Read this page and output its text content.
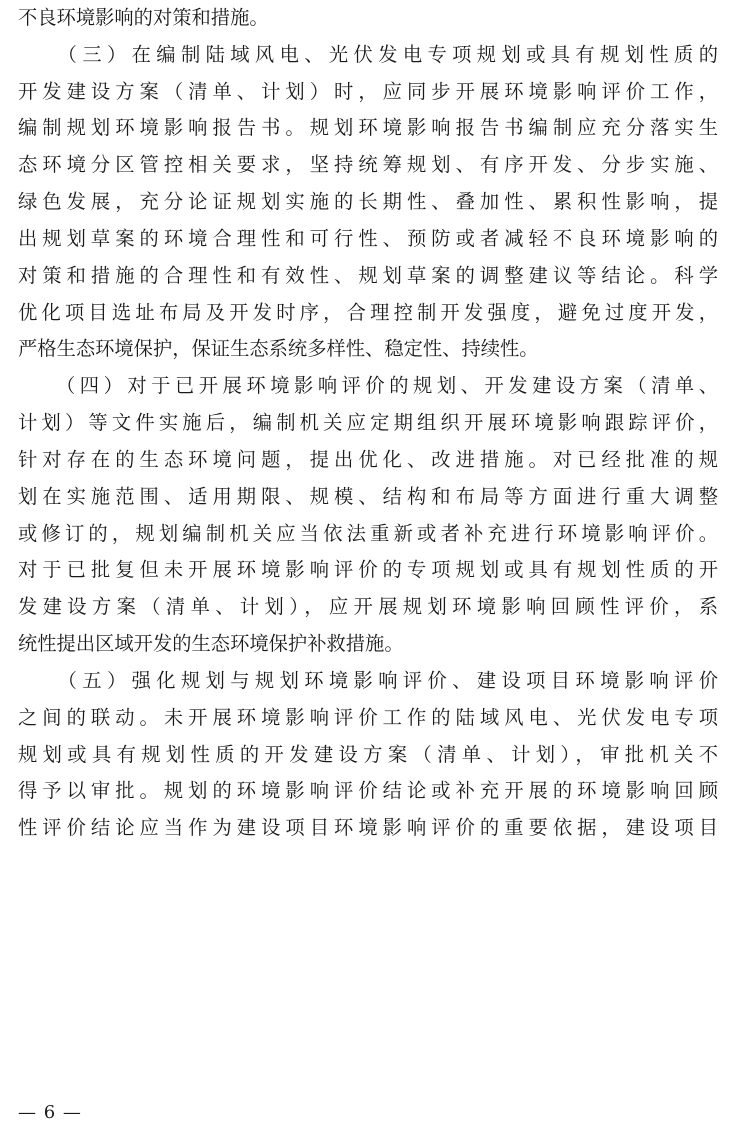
不良环境影响的对策和措施。
　　（三）在编制陆域风电、光伏发电专项规划或具有规划性质的
开发建设方案（清单、计划）时，应同步开展环境影响评价工作，
编制规划环境影响报告书。规划环境影响报告书编制应充分落实生
态环境分区管控相关要求，坚持统筹规划、有序开发、分步实施、
绿色发展，充分论证规划实施的长期性、叠加性、累积性影响，提
出规划草案的环境合理性和可行性、预防或者减轻不良环境影响的
对策和措施的合理性和有效性、规划草案的调整建议等结论。科学
优化项目选址布局及开发时序，合理控制开发强度，避免过度开发，
严格生态环境保护，保证生态系统多样性、稳定性、持续性。
　　（四）对于已开展环境影响评价的规划、开发建设方案（清单、
计划）等文件实施后，编制机关应定期组织开展环境影响跟踪评价，
针对存在的生态环境问题，提出优化、改进措施。对已经批准的规
划在实施范围、适用期限、规模、结构和布局等方面进行重大调整
或修订的，规划编制机关应当依法重新或者补充进行环境影响评价。
对于已批复但未开展环境影响评价的专项规划或具有规划性质的开
发建设方案（清单、计划），应开展规划环境影响回顾性评价，系
统性提出区域开发的生态环境保护补救措施。
　　（五）强化规划与规划环境影响评价、建设项目环境影响评价
之间的联动。未开展环境影响评价工作的陆域风电、光伏发电专项
规划或具有规划性质的开发建设方案（清单、计划），审批机关不
得予以审批。规划的环境影响评价结论或补充开展的环境影响回顾
性评价结论应当作为建设项目环境影响评价的重要依据，建设项目
— 6 —
